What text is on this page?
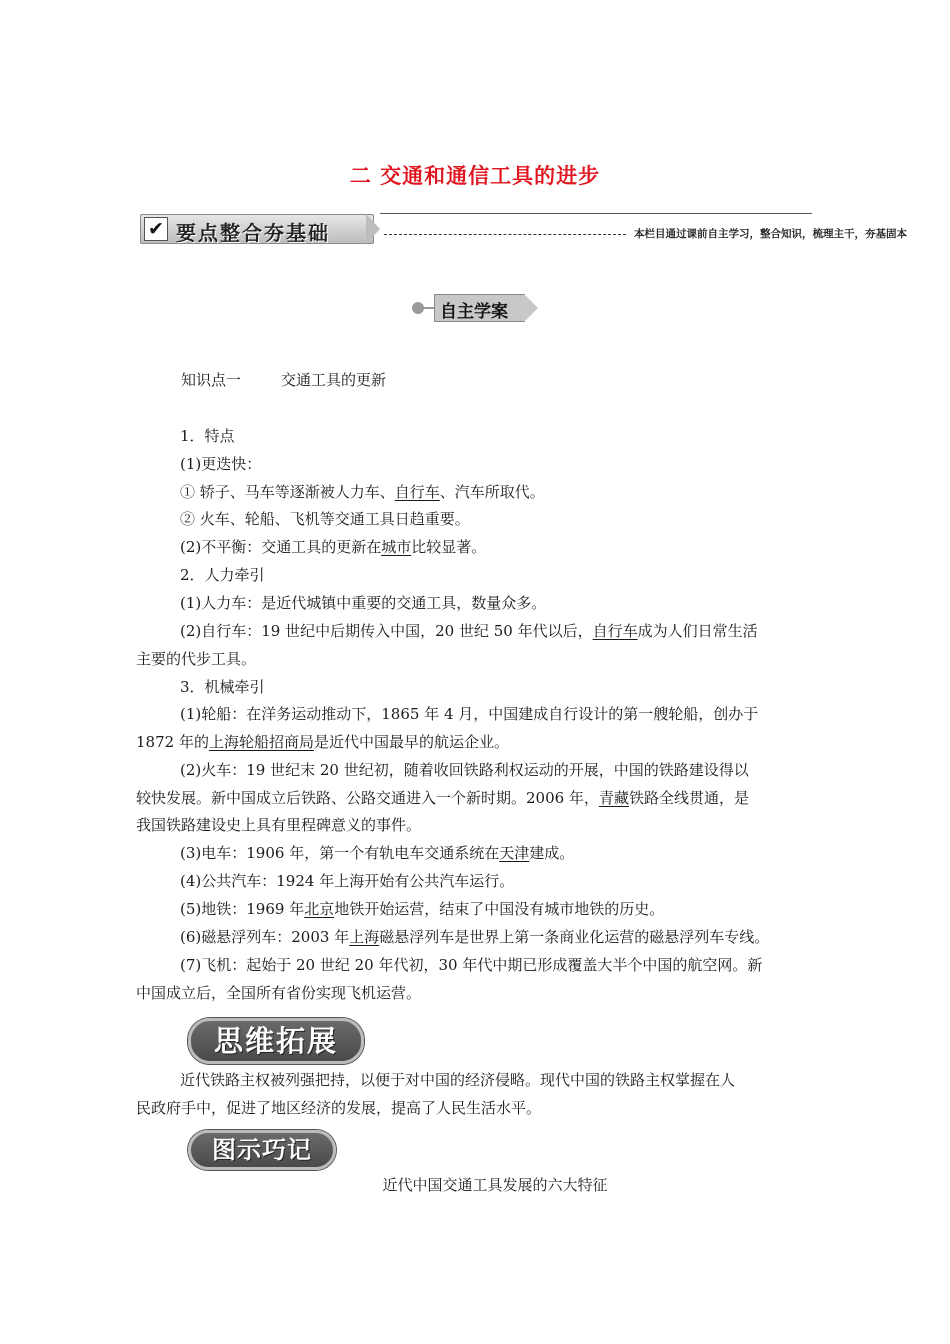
二 交通和通信工具的进步
✔ 要点整合夯基础	本栏目通过课前自主学习，整合知识，梳理主干，夯基固本
自主学案
知识点一	交通工具的更新
1．特点
(1)更迭快：
① 轿子、马车等逐渐被人力车、自行车、汽车所取代。
② 火车、轮船、飞机等交通工具日趋重要。
(2)不平衡：交通工具的更新在城市比较显著。
2．人力牵引
(1)人力车：是近代城镇中重要的交通工具，数量众多。
(2)自行车：19 世纪中后期传入中国，20 世纪 50 年代以后，自行车成为人们日常生活
主要的代步工具。
3．机械牵引
(1)轮船：在洋务运动推动下，1865 年 4 月，中国建成自行设计的第一艘轮船，创办于
1872 年的上海轮船招商局是近代中国最早的航运企业。
(2)火车：19 世纪末 20 世纪初，随着收回铁路利权运动的开展，中国的铁路建设得以
较快发展。新中国成立后铁路、公路交通进入一个新时期。2006 年，青藏铁路全线贯通，是
我国铁路建设史上具有里程碑意义的事件。
(3)电车：1906 年，第一个有轨电车交通系统在天津建成。
(4)公共汽车：1924 年上海开始有公共汽车运行。
(5)地铁：1969 年北京地铁开始运营，结束了中国没有城市地铁的历史。
(6)磁悬浮列车：2003 年上海磁悬浮列车是世界上第一条商业化运营的磁悬浮列车专线。
(7)飞机：起始于 20 世纪 20 年代初，30 年代中期已形成覆盖大半个中国的航空网。新
中国成立后，全国所有省份实现飞机运营。
思维拓展
近代铁路主权被列强把持，以便于对中国的经济侵略。现代中国的铁路主权掌握在人
民政府手中，促进了地区经济的发展，提高了人民生活水平。
图示巧记
近代中国交通工具发展的六大特征
